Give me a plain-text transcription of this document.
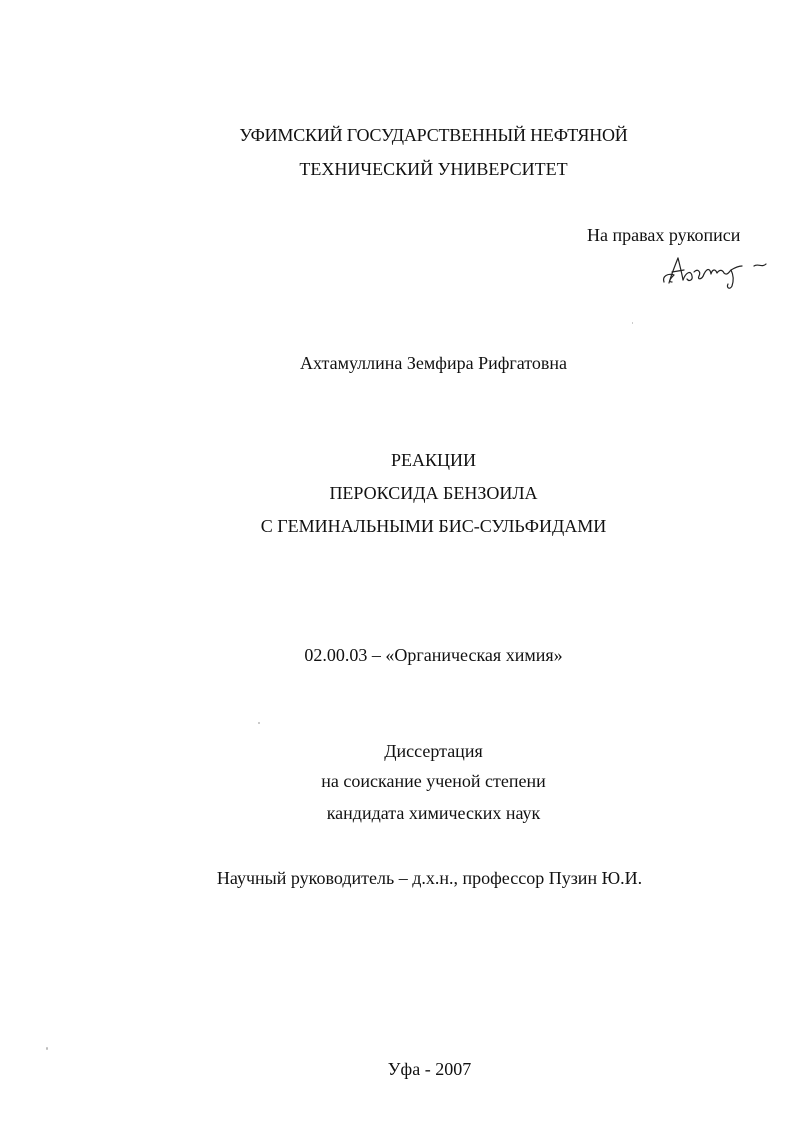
УФИМСКИЙ ГОСУДАРСТВЕННЫЙ НЕФТЯНОЙ
ТЕХНИЧЕСКИЙ УНИВЕРСИТЕТ
На правах рукописи
Ахтамуллина Земфира Рифгатовна
РЕАКЦИИ
ПЕРОКСИДА БЕНЗОИЛА
С ГЕМИНАЛЬНЫМИ БИС-СУЛЬФИДАМИ
02.00.03 – «Органическая химия»
Диссертация
на соискание ученой степени
кандидата химических наук
Научный руководитель – д.х.н., профессор Пузин Ю.И.
Уфа - 2007
